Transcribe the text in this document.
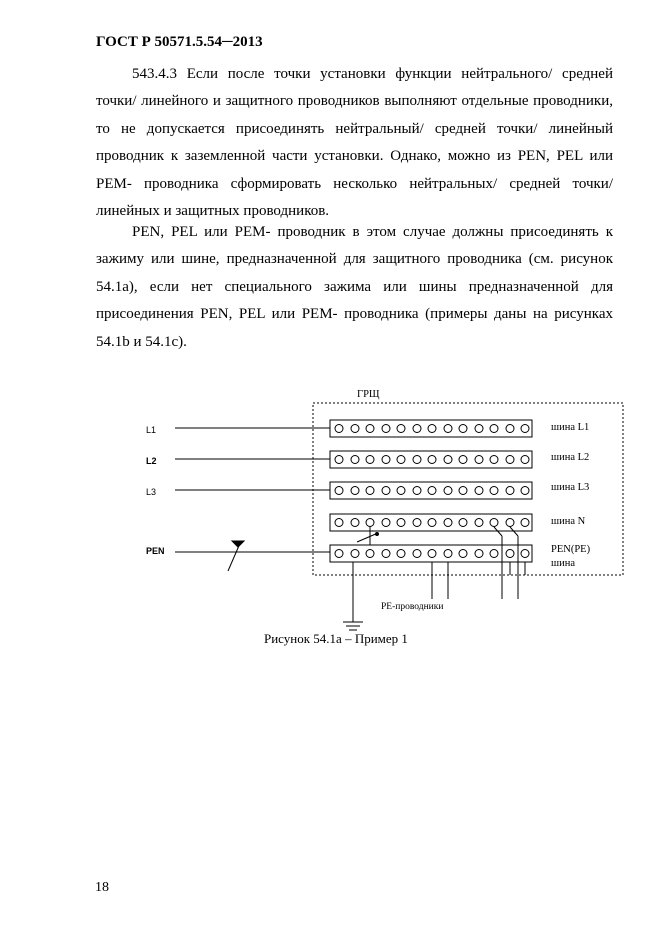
ГОСТ Р 50571.5.54─2013

543.4.3 Если после точки установки функции нейтрального/ средней точки/ линейного и защитного проводников выполняют отдельные проводники, то не допускается присоединять нейтральный/ средней точки/ линейный проводник к заземленной части установки. Однако, можно из PEN, PEL или PEM- проводника сформировать несколько нейтральных/ средней точки/ линейных и защитных проводников.

PEN, PEL или PEM- проводник в этом случае должны присоединять к зажиму или шине, предназначенной для защитного проводника (см. рисунок 54.1а), если нет специального зажима или шины предназначенной для присоединения PEN, PEL или PEM- проводника (примеры даны на рисунках 54.1b и 54.1c).

ГРЩ
L1
L2
L3
PEN
шина L1
шина L2
шина L3
шина N
PEN(PE)
шина
PE-проводники
Рисунок 54.1а – Пример 1
18
